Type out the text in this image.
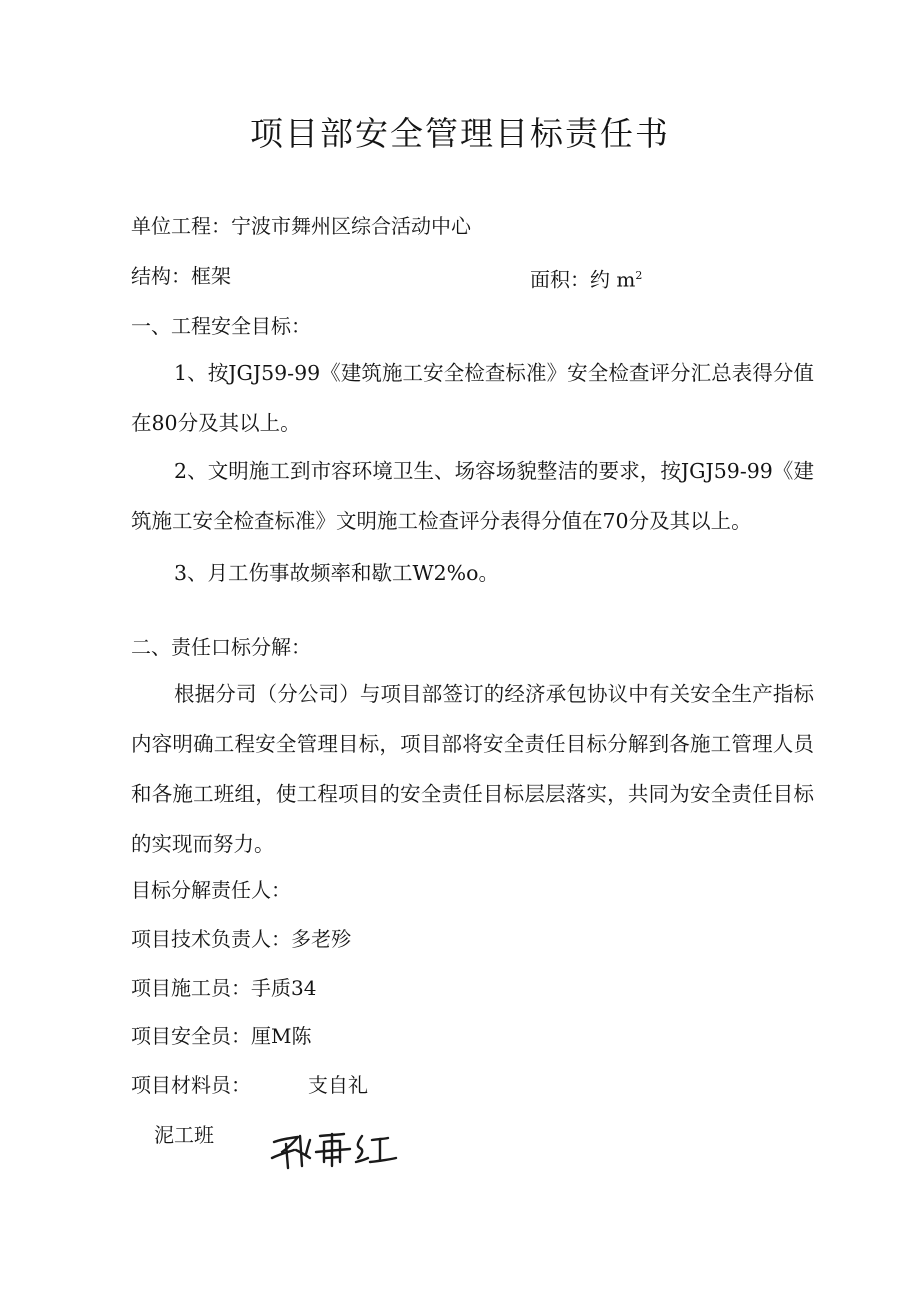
项目部安全管理目标责任书
单位工程：宁波市舞州区综合活动中心
结构：框架	面积：约 $m^2$
一、工程安全目标：
1、按JGJ59-99《建筑施工安全检查标准》安全检查评分汇总表得分值在80分及其以上。
2、文明施工到市容环境卫生、场容场貌整洁的要求，按JGJ59-99《建筑施工安全检查标准》文明施工检查评分表得分值在70分及其以上。
3、月工伤事故频率和歇工W2%o。
二、责任口标分解：
根据分司（分公司）与项目部签订的经济承包协议中有关安全生产指标内容明确工程安全管理目标，项目部将安全责任目标分解到各施工管理人员和各施工班组，使工程项目的安全责任目标层层落实，共同为安全责任目标的实现而努力。
目标分解责任人：
项目技术负责人：多老殄
项目施工员：手质34
项目安全员：厘M陈
项目材料员：	支自礼
泥工班
